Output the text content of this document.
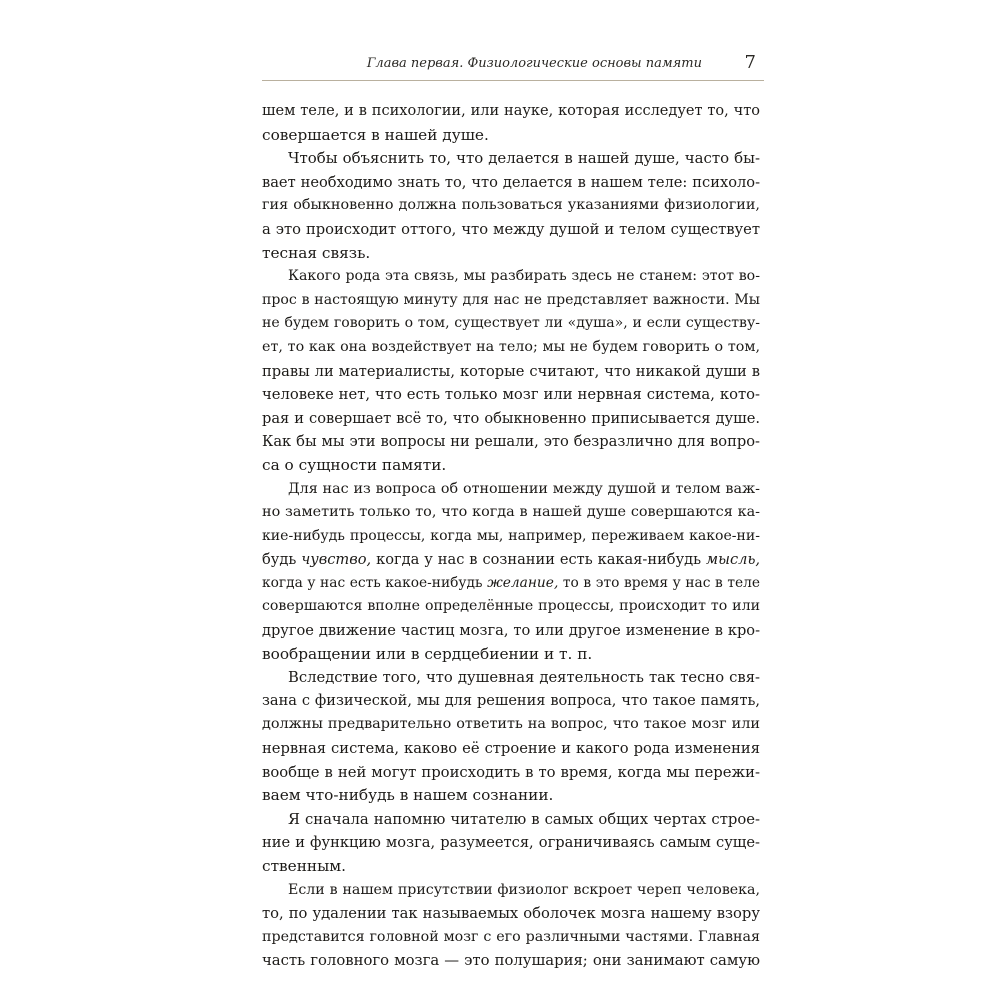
Глава первая. Физиологические основы памяти 7
шем теле, и в психологии, или науке, которая исследует то, что
совершается в нашей душе.
Чтобы объяснить то, что делается в нашей душе, часто бы-
вает необходимо знать то, что делается в нашем теле: психоло-
гия обыкновенно должна пользоваться указаниями физиологии,
а это происходит оттого, что между душой и телом существует
тесная связь.
Какого рода эта связь, мы разбирать здесь не станем: этот во-
прос в настоящую минуту для нас не представляет важности. Мы
не будем говорить о том, существует ли «душа», и если существу-
ет, то как она воздействует на тело; мы не будем говорить о том,
правы ли материалисты, которые считают, что никакой души в
человеке нет, что есть только мозг или нервная система, кото-
рая и совершает всё то, что обыкновенно приписывается душе.
Как бы мы эти вопросы ни решали, это безразлично для вопро-
са о сущности памяти.
Для нас из вопроса об отношении между душой и телом важ-
но заметить только то, что когда в нашей душе совершаются ка-
кие-нибудь процессы, когда мы, например, переживаем какое-ни-
будь чувство, когда у нас в сознании есть какая-нибудь мысль,
когда у нас есть какое-нибудь желание, то в это время у нас в теле
совершаются вполне определённые процессы, происходит то или
другое движение частиц мозга, то или другое изменение в кро-
вообращении или в сердцебиении и т. п.
Вследствие того, что душевная деятельность так тесно свя-
зана с физической, мы для решения вопроса, что такое память,
должны предварительно ответить на вопрос, что такое мозг или
нервная система, каково её строение и какого рода изменения
вообще в ней могут происходить в то время, когда мы пережи-
ваем что-нибудь в нашем сознании.
Я сначала напомню читателю в самых общих чертах строе-
ние и функцию мозга, разумеется, ограничиваясь самым суще-
ственным.
Если в нашем присутствии физиолог вскроет череп человека,
то, по удалении так называемых оболочек мозга нашему взору
представится головной мозг с его различными частями. Главная
часть головного мозга — это полушария; они занимают самую
